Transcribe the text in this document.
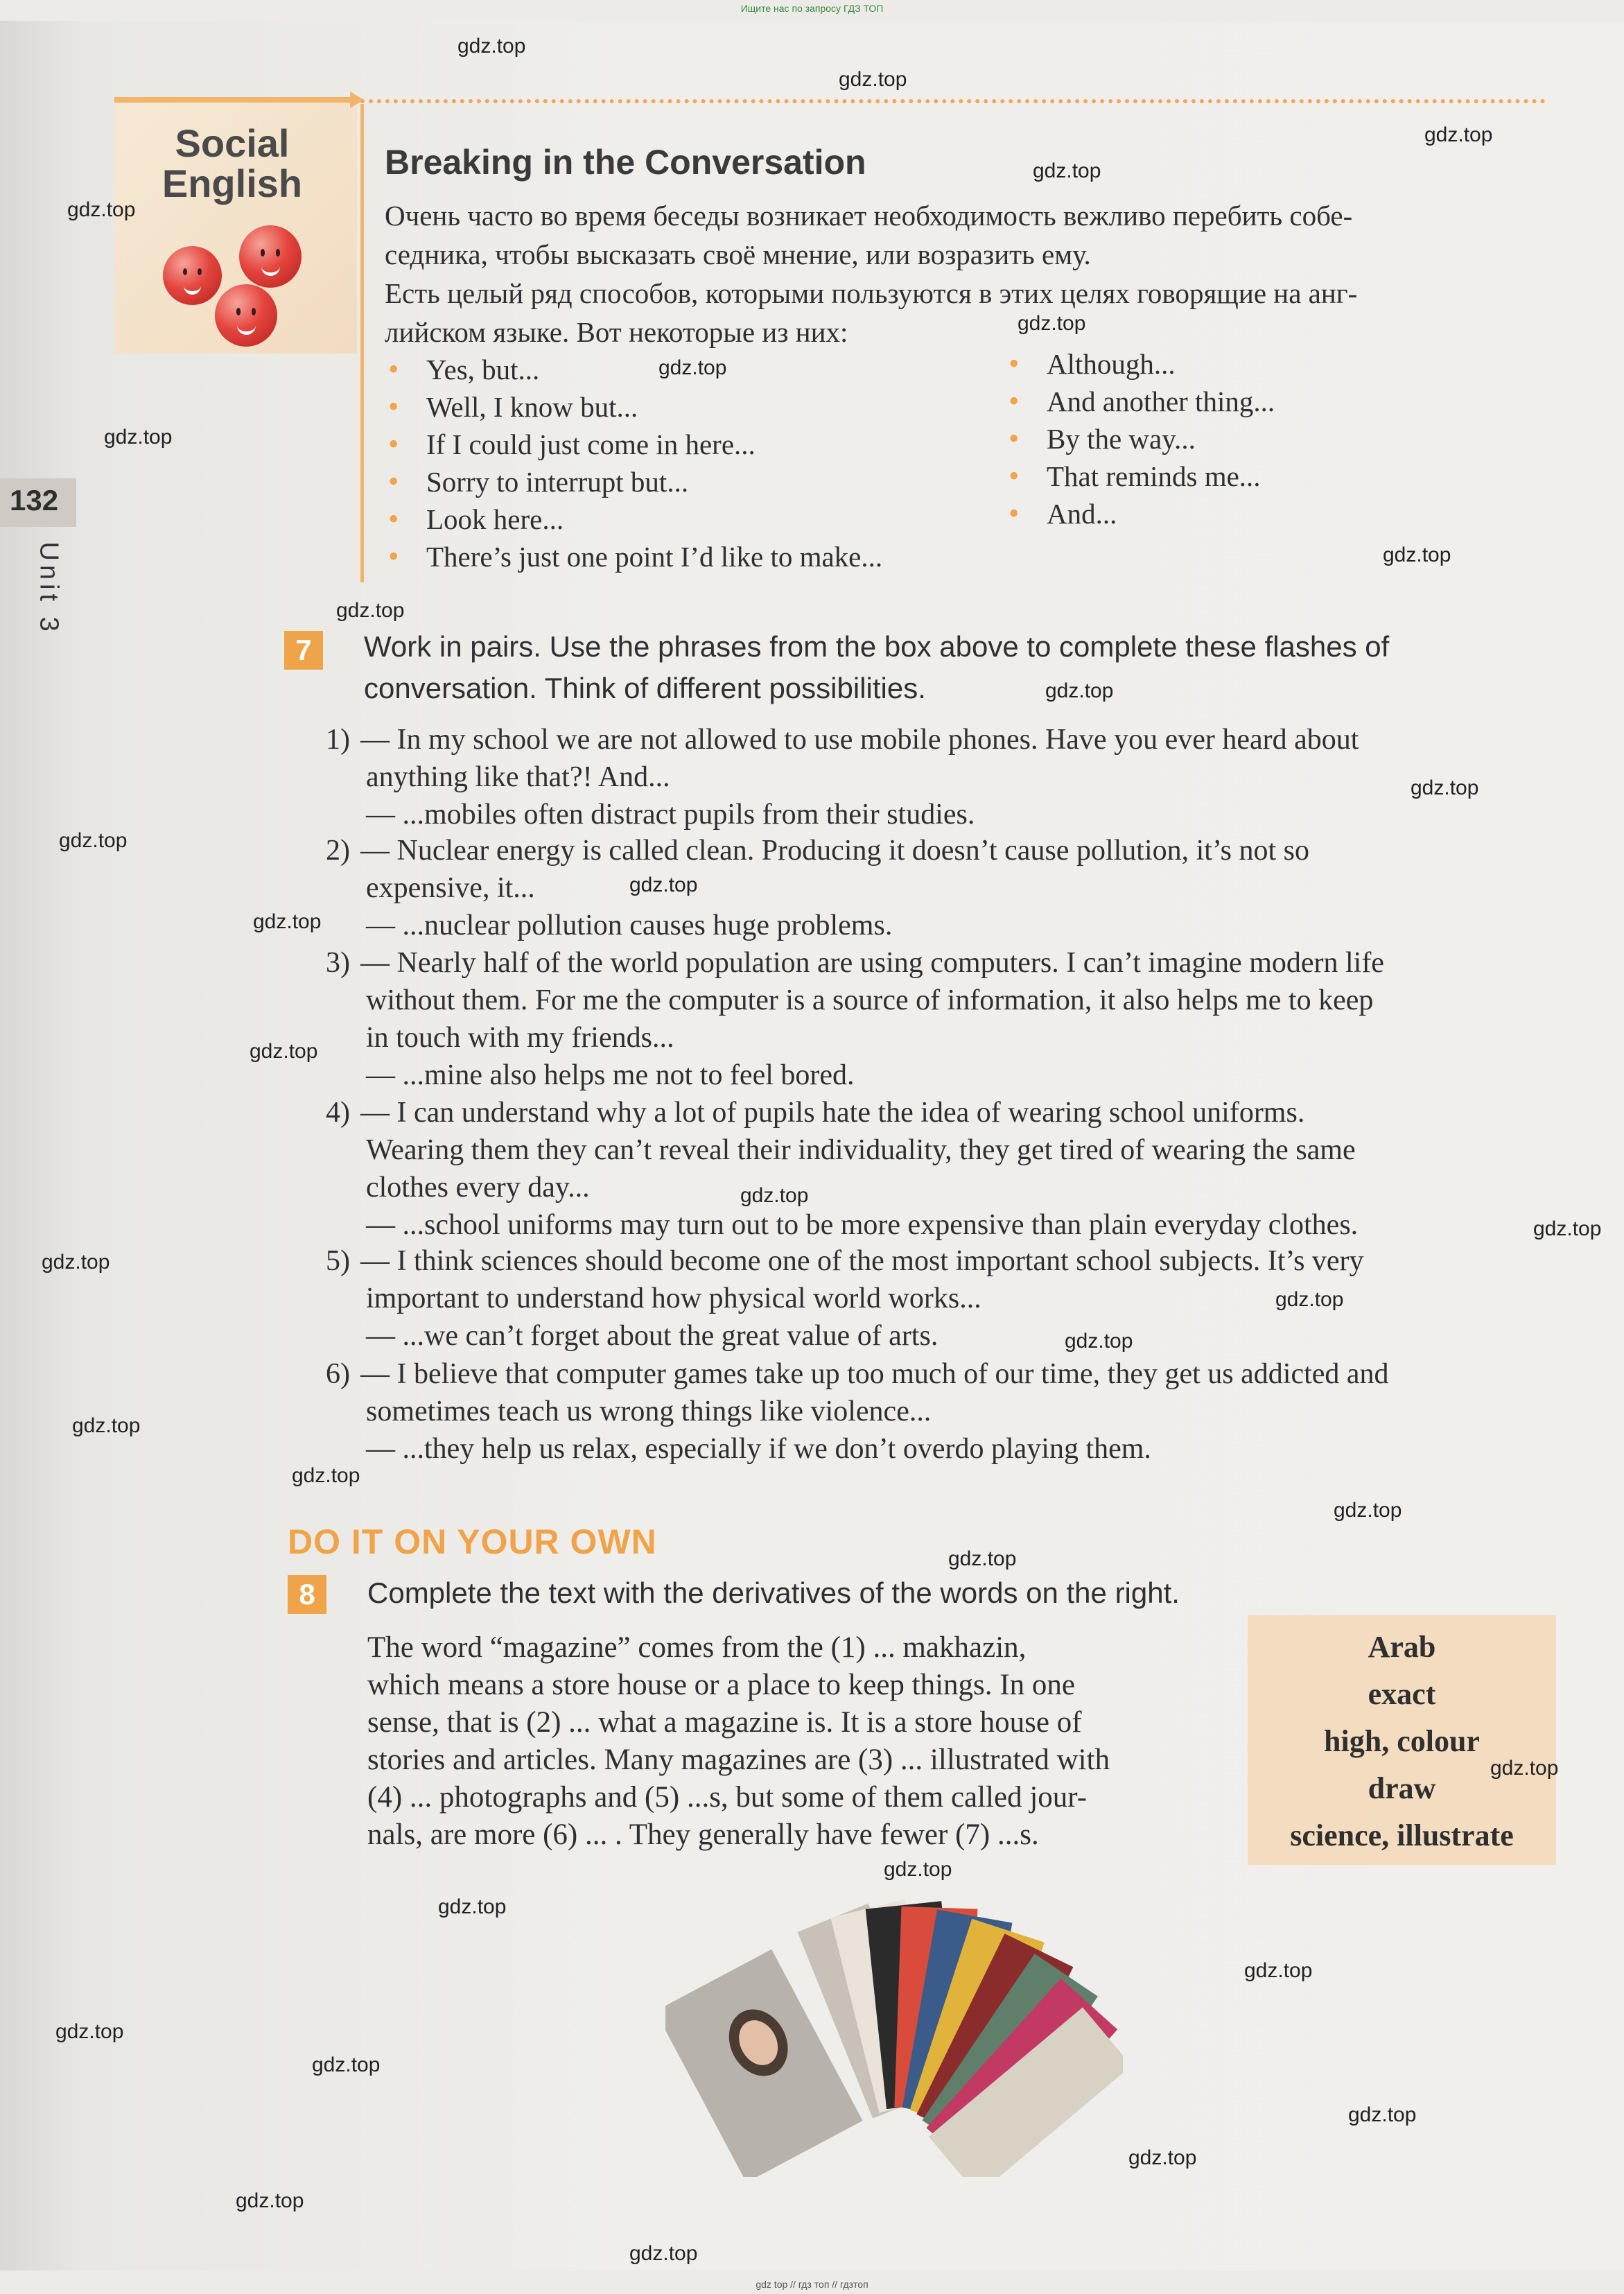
Ищите нас по запросу ГДЗ ТОП
Social
English
132
Unit 3
Breaking in the Conversation
Очень часто во время беседы возникает необходимость вежливо перебить собе-
седника, чтобы высказать своё мнение, или возразить ему.
Есть целый ряд способов, которыми пользуются в этих целях говорящие на анг-
лийском языке. Вот некоторые из них:
• Yes, but...
• Well, I know but...
• If I could just come in here...
• Sorry to interrupt but...
• Look here...
• There’s just one point I’d like to make...
• Although...
• And another thing...
• By the way...
• That reminds me...
• And...
7	Work in pairs. Use the phrases from the box above to complete these flashes of
conversation. Think of different possibilities.
1) — In my school we are not allowed to use mobile phones. Have you ever heard about
anything like that?! And...
— ...mobiles often distract pupils from their studies.
2) — Nuclear energy is called clean. Producing it doesn’t cause pollution, it’s not so
expensive, it...
— ...nuclear pollution causes huge problems.
3) — Nearly half of the world population are using computers. I can’t imagine modern life
without them. For me the computer is a source of information, it also helps me to keep
in touch with my friends...
— ...mine also helps me not to feel bored.
4) — I can understand why a lot of pupils hate the idea of wearing school uniforms.
Wearing them they can’t reveal their individuality, they get tired of wearing the same
clothes every day...
— ...school uniforms may turn out to be more expensive than plain everyday clothes.
5) — I think sciences should become one of the most important school subjects. It’s very
important to understand how physical world works...
— ...we can’t forget about the great value of arts.
6) — I believe that computer games take up too much of our time, they get us addicted and
sometimes teach us wrong things like violence...
— ...they help us relax, especially if we don’t overdo playing them.
DO IT ON YOUR OWN
8	Complete the text with the derivatives of the words on the right.
The word “magazine” comes from the (1) ... makhazin,
which means a store house or a place to keep things. In one
sense, that is (2) ... what a magazine is. It is a store house of
stories and articles. Many magazines are (3) ... illustrated with
(4) ... photographs and (5) ...s, but some of them called jour-
nals, are more (6) ... . They generally have fewer (7) ...s.
Arab
exact
high, colour
draw
science, illustrate
gdz.top
gdz.top
gdz.top
gdz.top
gdz.top
gdz.top
gdz.top
gdz.top
gdz.top
gdz.top
gdz.top
gdz.top
gdz.top
gdz.top
gdz.top
gdz.top
gdz.top
gdz.top
gdz.top
gdz.top
gdz.top
gdz.top
gdz.top
gdz.top
gdz.top
gdz.top
gdz.top
gdz.top
gdz.top
gdz.top
gdz.top
gdz.top
gdz.top
gdz.top
gdz.top
gdz top // гдз топ // гдзтоп
